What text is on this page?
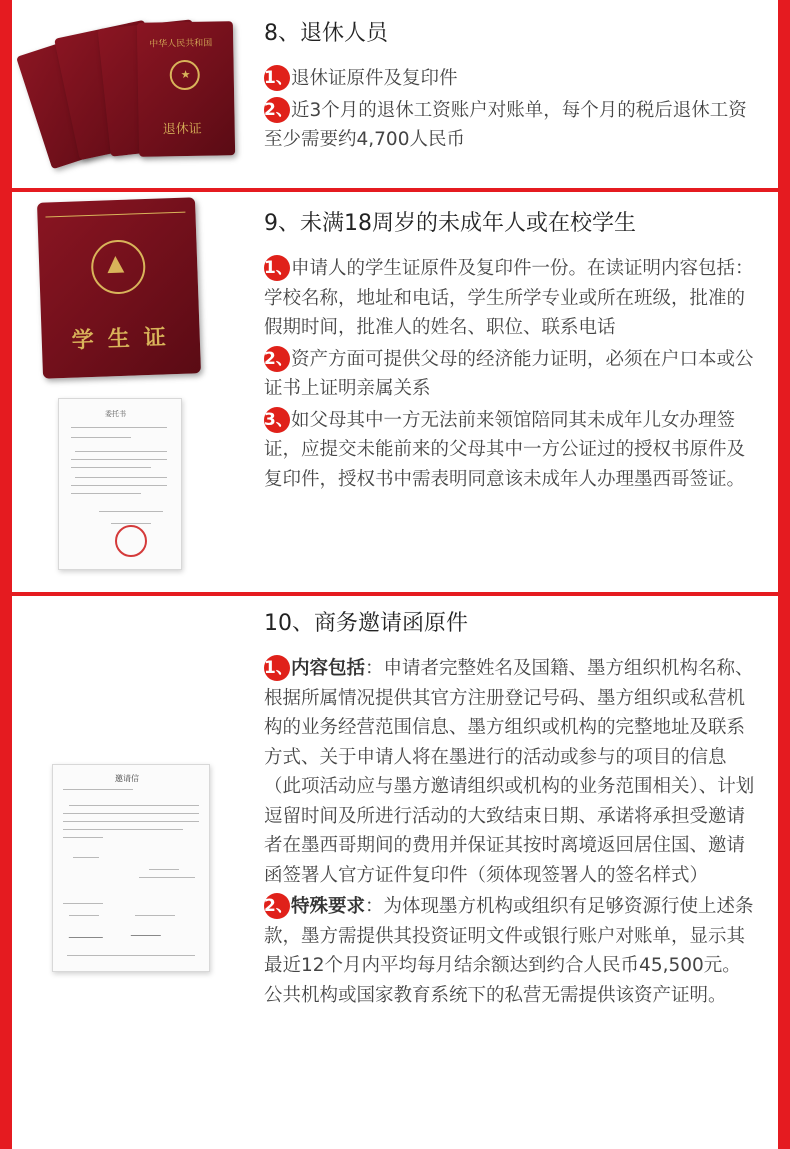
中华人民共和国
★
退休证
8、退休人员

1、退休证原件及复印件

2、近3个月的退休工资账户对账单，每个月的税后退休工资至少需要约4,700人民币

▲
学生证
委托书
9、未满18周岁的未成年人或在校学生

1、申请人的学生证原件及复印件一份。在读证明内容包括：学校名称，地址和电话，学生所学专业或所在班级，批准的假期时间，批准人的姓名、职位、联系电话

2、资产方面可提供父母的经济能力证明，必须在户口本或公证书上证明亲属关系

3、如父母其中一方无法前来领馆陪同其未成年儿女办理签证，应提交未能前来的父母其中一方公证过的授权书原件及复印件，授权书中需表明同意该未成年人办理墨西哥签证。

邀请信
10、商务邀请函原件

1、内容包括：申请者完整姓名及国籍、墨方组织机构名称、根据所属情况提供其官方注册登记号码、墨方组织或私营机构的业务经营范围信息、墨方组织或机构的完整地址及联系方式、关于申请人将在墨进行的活动或参与的项目的信息（此项活动应与墨方邀请组织或机构的业务范围相关）、计划逗留时间及所进行活动的大致结束日期、承诺将承担受邀请者在墨西哥期间的费用并保证其按时离境返回居住国、邀请函签署人官方证件复印件（须体现签署人的签名样式）

2、特殊要求：为体现墨方机构或组织有足够资源行使上述条款，墨方需提供其投资证明文件或银行账户对账单，显示其最近12个月内平均每月结余额达到约合人民币45,500元。公共机构或国家教育系统下的私营无需提供该资产证明。
